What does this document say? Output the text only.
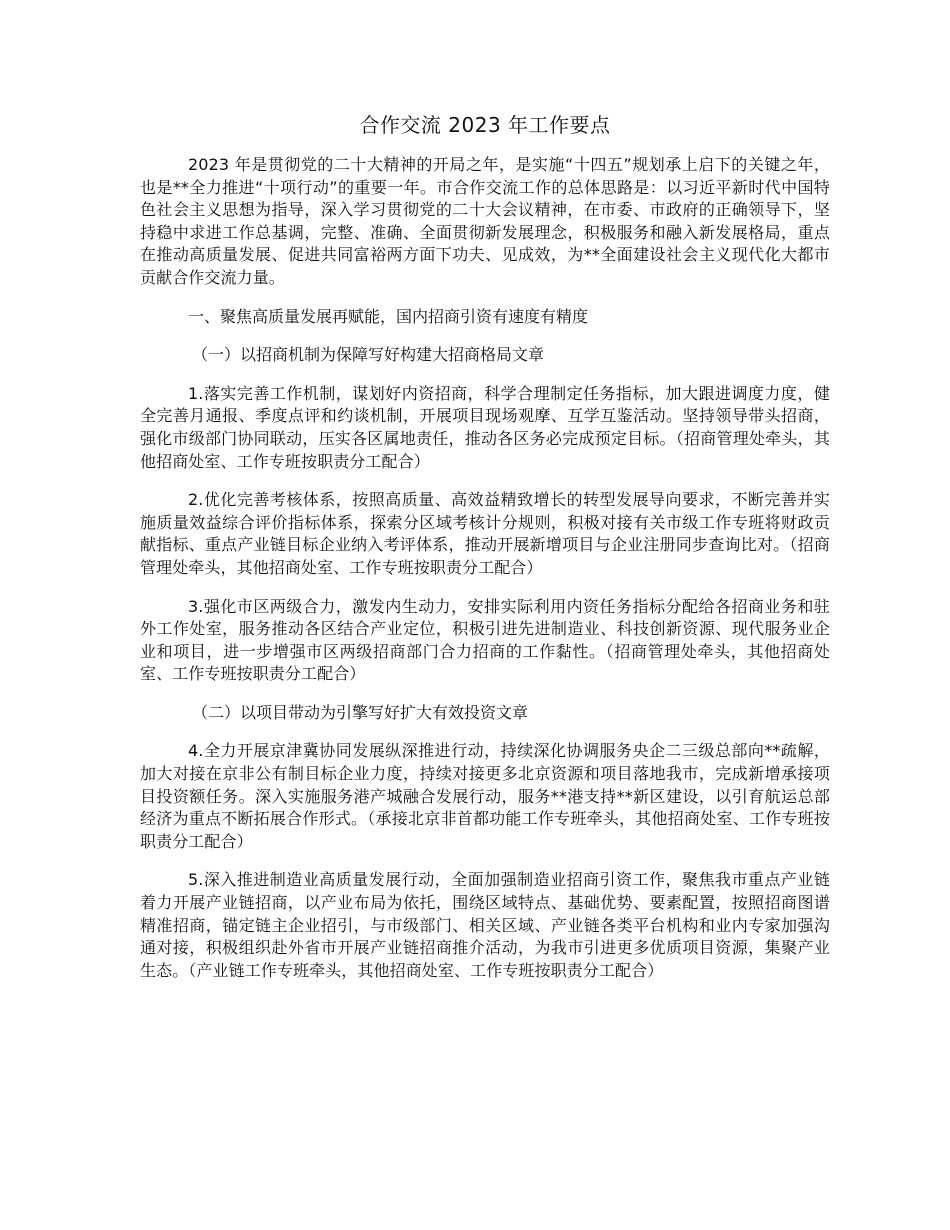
合作交流 2023 年工作要点

2023 年是贯彻党的二十大精神的开局之年，是实施“十四五”规划承上启下的关键之年，也是**全力推进“十项行动”的重要一年。市合作交流工作的总体思路是：以习近平新时代中国特色社会主义思想为指导，深入学习贯彻党的二十大会议精神，在市委、市政府的正确领导下，坚持稳中求进工作总基调，完整、准确、全面贯彻新发展理念，积极服务和融入新发展格局，重点在推动高质量发展、促进共同富裕两方面下功夫、见成效，为**全面建设社会主义现代化大都市贡献合作交流力量。

一、聚焦高质量发展再赋能，国内招商引资有速度有精度

（一）以招商机制为保障写好构建大招商格局文章

1.落实完善工作机制，谋划好内资招商，科学合理制定任务指标，加大跟进调度力度，健全完善月通报、季度点评和约谈机制，开展项目现场观摩、互学互鉴活动。坚持领导带头招商，强化市级部门协同联动，压实各区属地责任，推动各区务必完成预定目标。（招商管理处牵头，其他招商处室、工作专班按职责分工配合）

2.优化完善考核体系，按照高质量、高效益精致增长的转型发展导向要求，不断完善并实施质量效益综合评价指标体系，探索分区域考核计分规则，积极对接有关市级工作专班将财政贡献指标、重点产业链目标企业纳入考评体系，推动开展新增项目与企业注册同步查询比对。（招商管理处牵头，其他招商处室、工作专班按职责分工配合）

3.强化市区两级合力，激发内生动力，安排实际利用内资任务指标分配给各招商业务和驻外工作处室，服务推动各区结合产业定位，积极引进先进制造业、科技创新资源、现代服务业企业和项目，进一步增强市区两级招商部门合力招商的工作黏性。（招商管理处牵头，其他招商处室、工作专班按职责分工配合）

（二）以项目带动为引擎写好扩大有效投资文章

4.全力开展京津冀协同发展纵深推进行动，持续深化协调服务央企二三级总部向**疏解，加大对接在京非公有制目标企业力度，持续对接更多北京资源和项目落地我市，完成新增承接项目投资额任务。深入实施服务港产城融合发展行动，服务**港支持**新区建设，以引育航运总部经济为重点不断拓展合作形式。（承接北京非首都功能工作专班牵头，其他招商处室、工作专班按职责分工配合）

5.深入推进制造业高质量发展行动，全面加强制造业招商引资工作，聚焦我市重点产业链着力开展产业链招商，以产业布局为依托，围绕区域特点、基础优势、要素配置，按照招商图谱精准招商，锚定链主企业招引，与市级部门、相关区域、产业链各类平台机构和业内专家加强沟通对接，积极组织赴外省市开展产业链招商推介活动，为我市引进更多优质项目资源，集聚产业生态。（产业链工作专班牵头，其他招商处室、工作专班按职责分工配合）
